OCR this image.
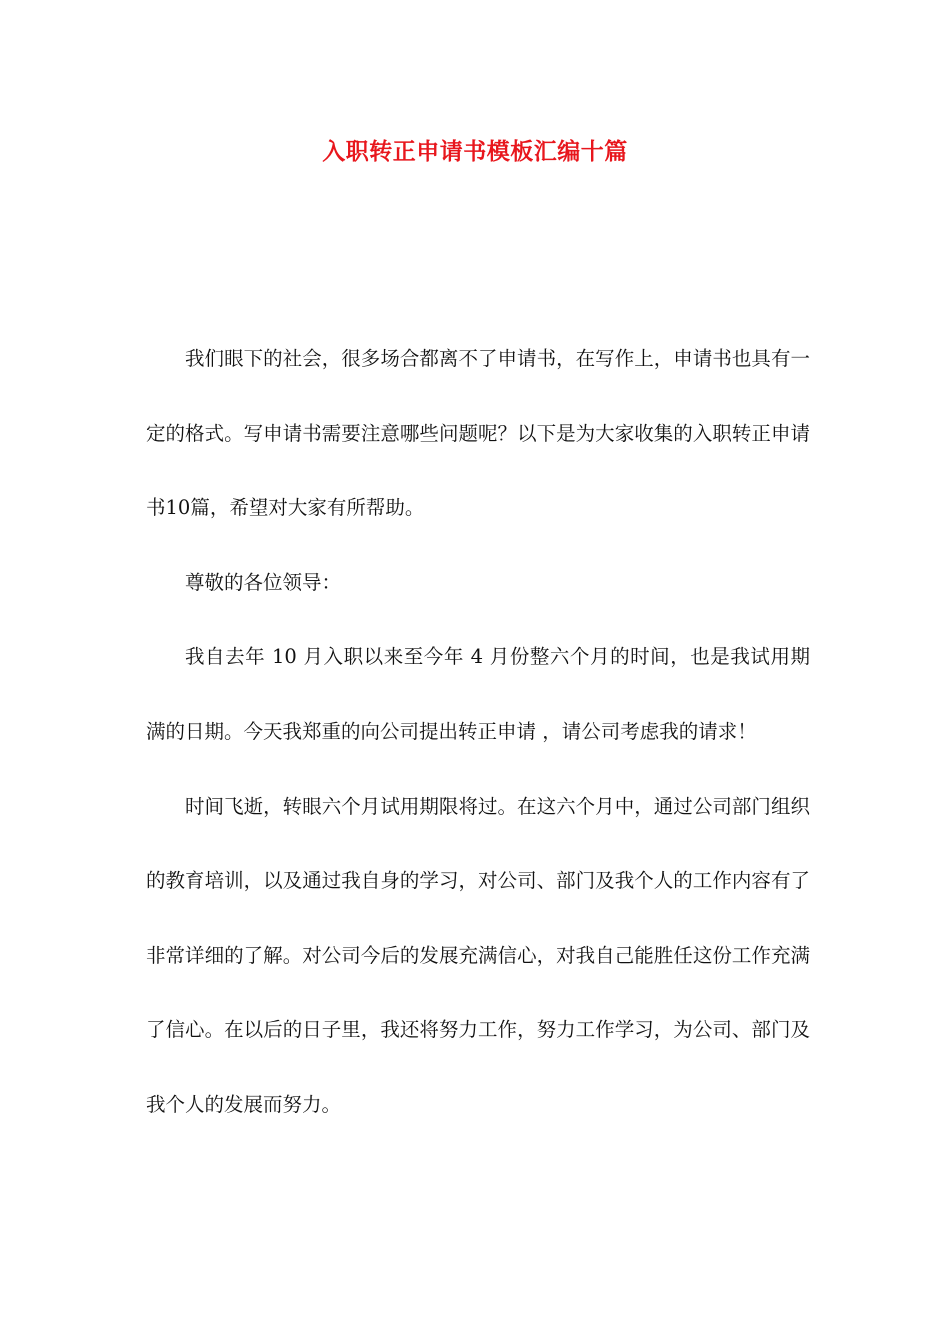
入职转正申请书模板汇编十篇

我们眼下的社会，很多场合都离不了申请书，在写作上，申请书也具有一定的格式。写申请书需要注意哪些问题呢？以下是为大家收集的入职转正申请书10篇，希望对大家有所帮助。

尊敬的各位领导：

我自去年 10 月入职以来至今年 4 月份整六个月的时间，也是我试用期满的日期。今天我郑重的向公司提出转正申请 ，请公司考虑我的请求！

时间飞逝，转眼六个月试用期限将过。在这六个月中，通过公司部门组织的教育培训，以及通过我自身的学习，对公司、部门及我个人的工作内容有了非常详细的了解。对公司今后的发展充满信心，对我自己能胜任这份工作充满了信心。在以后的日子里，我还将努力工作，努力工作学习，为公司、部门及我个人的发展而努力。
